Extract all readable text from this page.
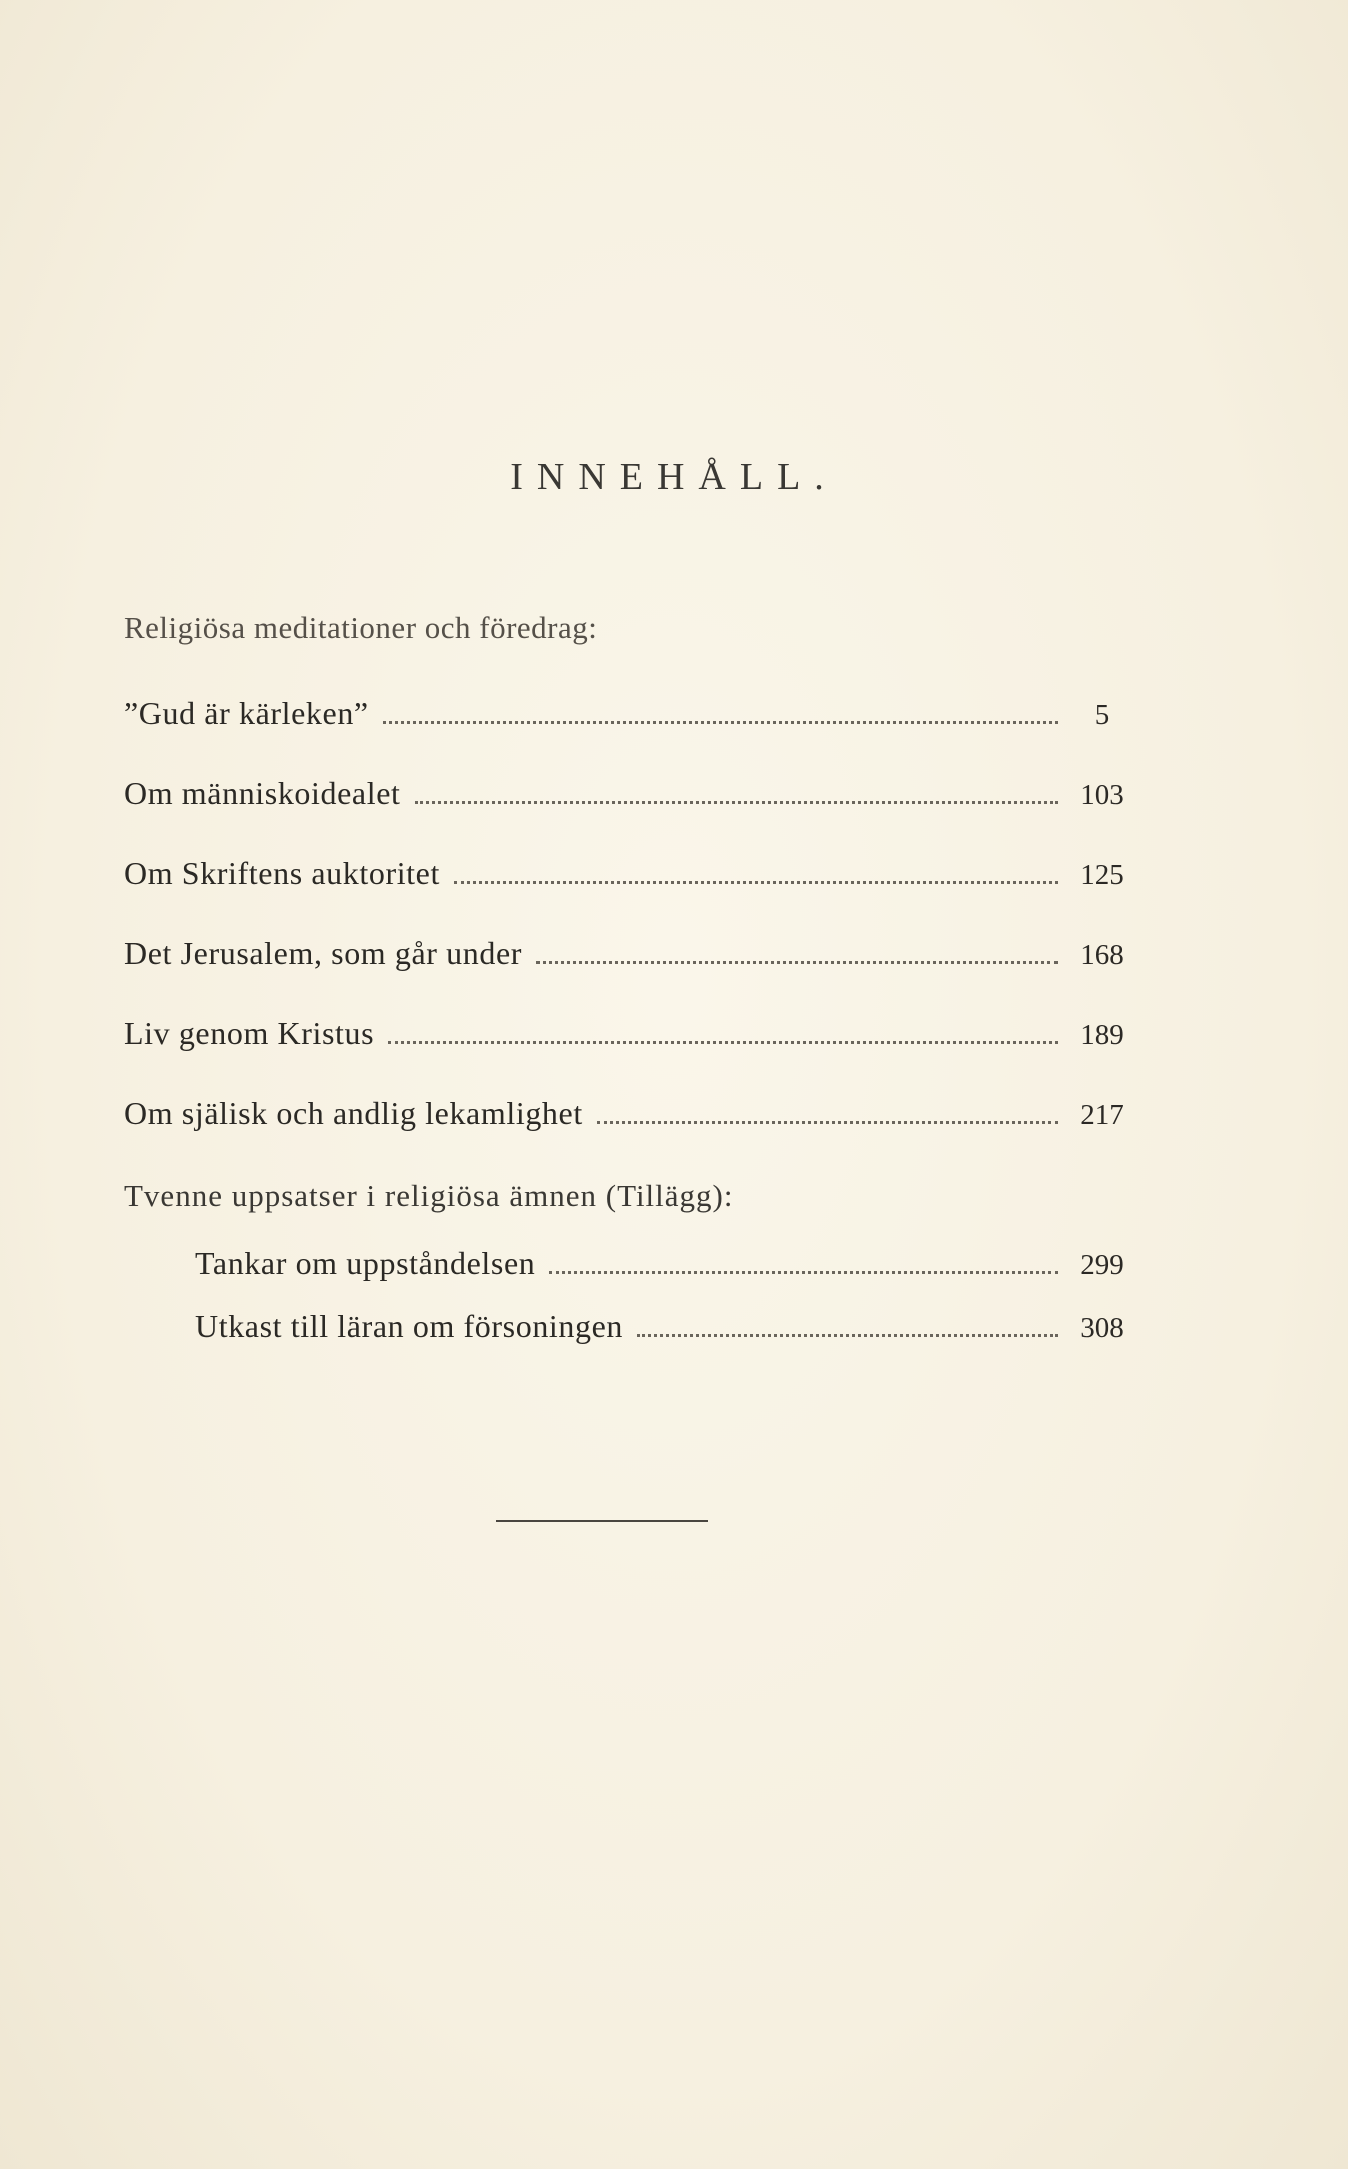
INNEHÅLL.
Religiösa meditationer och föredrag:
”Gud är kärleken”	5
Om människoidealet	103
Om Skriftens auktoritet	125
Det Jerusalem, som går under	168
Liv genom Kristus	189
Om själisk och andlig lekamlighet	217
Tvenne uppsatser i religiösa ämnen (Tillägg):
Tankar om uppståndelsen	299
Utkast till läran om försoningen	308
